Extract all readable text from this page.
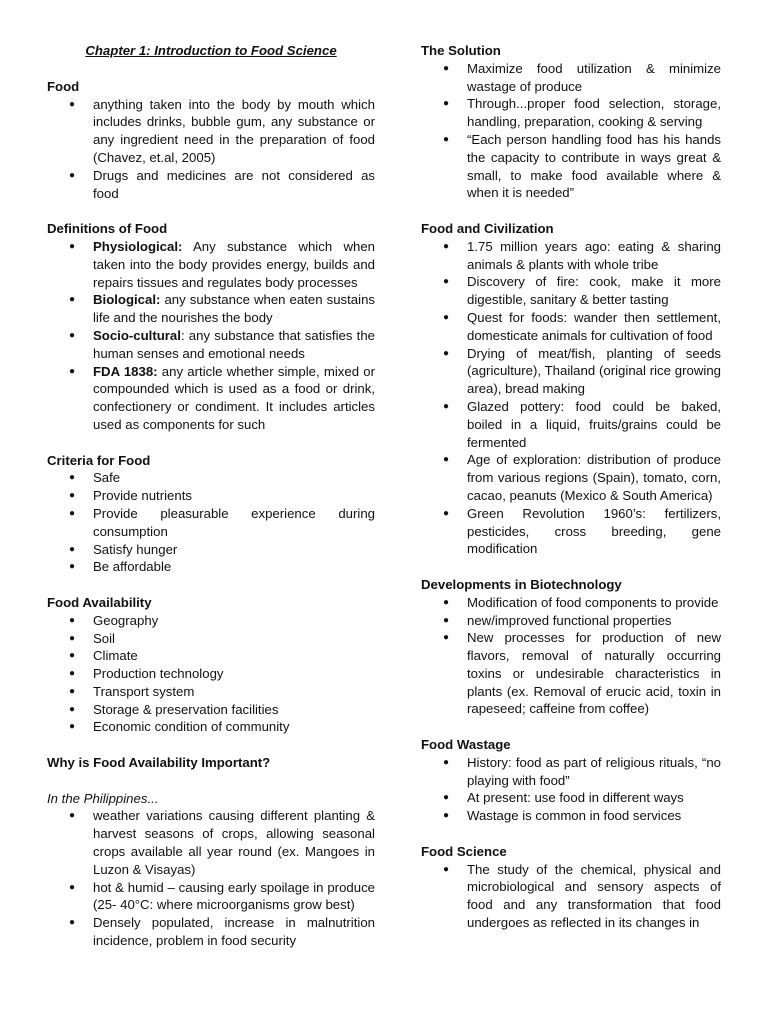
Chapter 1: Introduction to Food Science
Food
● anything taken into the body by mouth which includes drinks, bubble gum, any substance or any ingredient need in the preparation of food (Chavez, et.al, 2005)
● Drugs and medicines are not considered as food
Definitions of Food
● Physiological: Any substance which when taken into the body provides energy, builds and repairs tissues and regulates body processes
● Biological: any substance when eaten sustains life and the nourishes the body
● Socio-cultural: any substance that satisfies the human senses and emotional needs
● FDA 1838: any article whether simple, mixed or compounded which is used as a food or drink, confectionery or condiment. It includes articles used as components for such
Criteria for Food
● Safe
● Provide nutrients
● Provide pleasurable experience during consumption
● Satisfy hunger
● Be affordable
Food Availability
● Geography
● Soil
● Climate
● Production technology
● Transport system
● Storage & preservation facilities
● Economic condition of community
Why is Food Availability Important?
In the Philippines...
● weather variations causing different planting & harvest seasons of crops, allowing seasonal crops available all year round (ex. Mangoes in Luzon & Visayas)
● hot & humid – causing early spoilage in produce (25- 40°C: where microorganisms grow best)
● Densely populated, increase in malnutrition incidence, problem in food security
The Solution
● Maximize food utilization & minimize wastage of produce
● Through...proper food selection, storage, handling, preparation, cooking & serving
● “Each person handling food has his hands the capacity to contribute in ways great & small, to make food available where & when it is needed”
Food and Civilization
● 1.75 million years ago: eating & sharing animals & plants with whole tribe
● Discovery of fire: cook, make it more digestible, sanitary & better tasting
● Quest for foods: wander then settlement, domesticate animals for cultivation of food
● Drying of meat/fish, planting of seeds (agriculture), Thailand (original rice growing area), bread making
● Glazed pottery: food could be baked, boiled in a liquid, fruits/grains could be fermented
● Age of exploration: distribution of produce from various regions (Spain), tomato, corn, cacao, peanuts (Mexico & South America)
● Green Revolution 1960’s: fertilizers, pesticides, cross breeding, gene modification
Developments in Biotechnology
● Modification of food components to provide
● new/improved functional properties
● New processes for production of new flavors, removal of naturally occurring toxins or undesirable characteristics in plants (ex. Removal of erucic acid, toxin in rapeseed; caffeine from coffee)
Food Wastage
● History: food as part of religious rituals, “no playing with food”
● At present: use food in different ways
● Wastage is common in food services
Food Science
● The study of the chemical, physical and microbiological and sensory aspects of food and any transformation that food undergoes as reflected in its changes in
